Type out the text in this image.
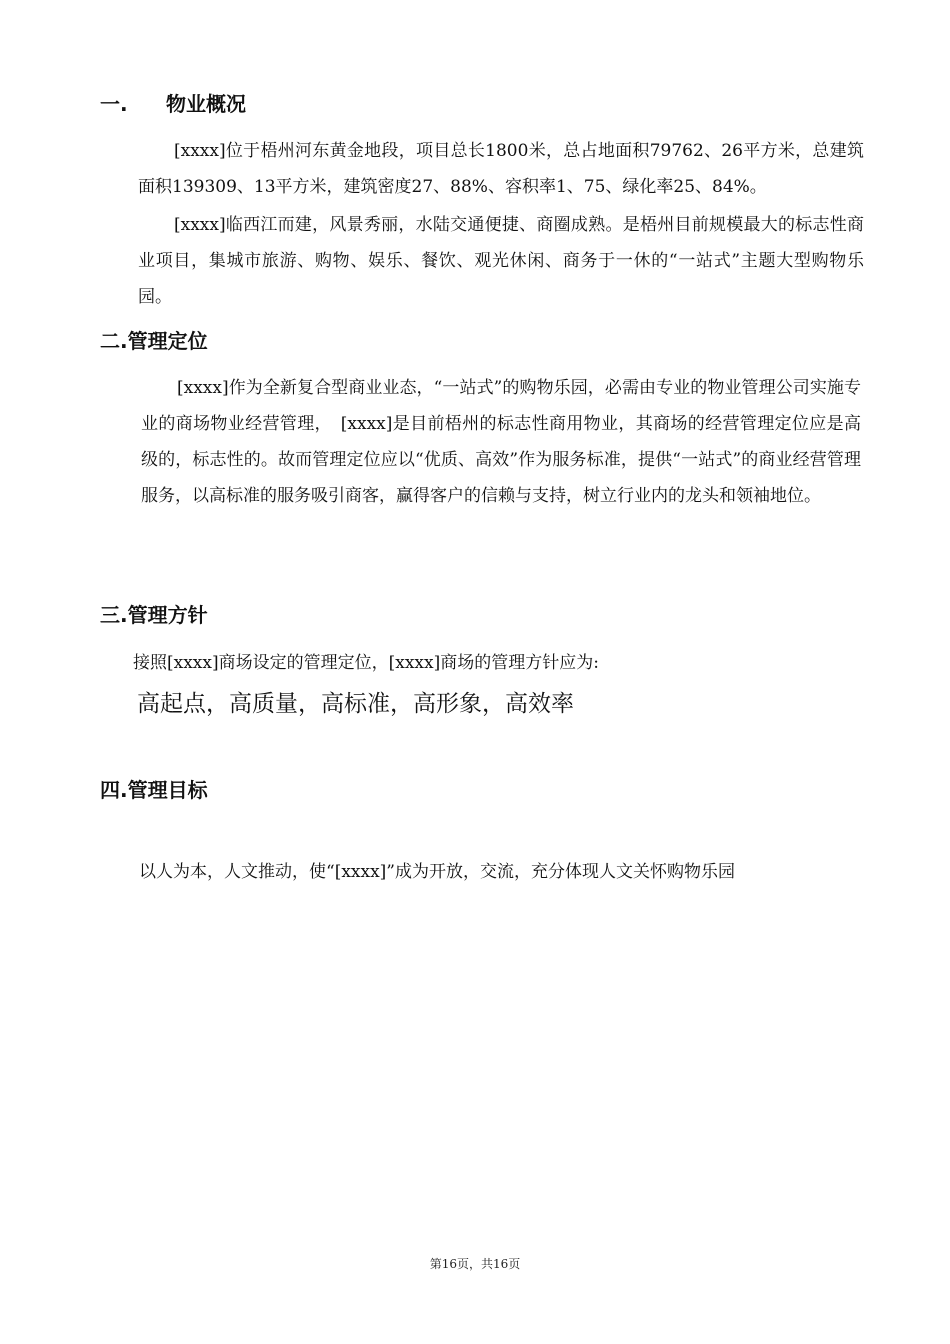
一. 物业概况
[xxxx]位于梧州河东黄金地段，项目总长1800米，总占地面积79762、26平方米，总建筑面积139309、13平方米，建筑密度27、88%、容积率1、75、绿化率25、84%。
[xxxx]临西江而建，风景秀丽，水陆交通便捷、商圈成熟。是梧州目前规模最大的标志性商业项目，集城市旅游、购物、娱乐、餐饮、观光休闲、商务于一休的“一站式”主题大型购物乐园。
二.管理定位
[xxxx]作为全新复合型商业业态，“一站式”的购物乐园，必需由专业的物业管理公司实施专业的商场物业经营管理，　[xxxx]是目前梧州的标志性商用物业，其商场的经营管理定位应是高级的，标志性的。故而管理定位应以“优质、高效”作为服务标准，提供“一站式”的商业经营管理服务，以高标准的服务吸引商客，赢得客户的信赖与支持，树立行业内的龙头和领袖地位。
三.管理方针
接照[xxxx]商场设定的管理定位，[xxxx]商场的管理方针应为:
高起点，高质量，高标准，高形象，高效率
四.管理目标
以人为本，人文推动，使“[xxxx]”成为开放，交流，充分体现人文关怀购物乐园
第16页，共16页
